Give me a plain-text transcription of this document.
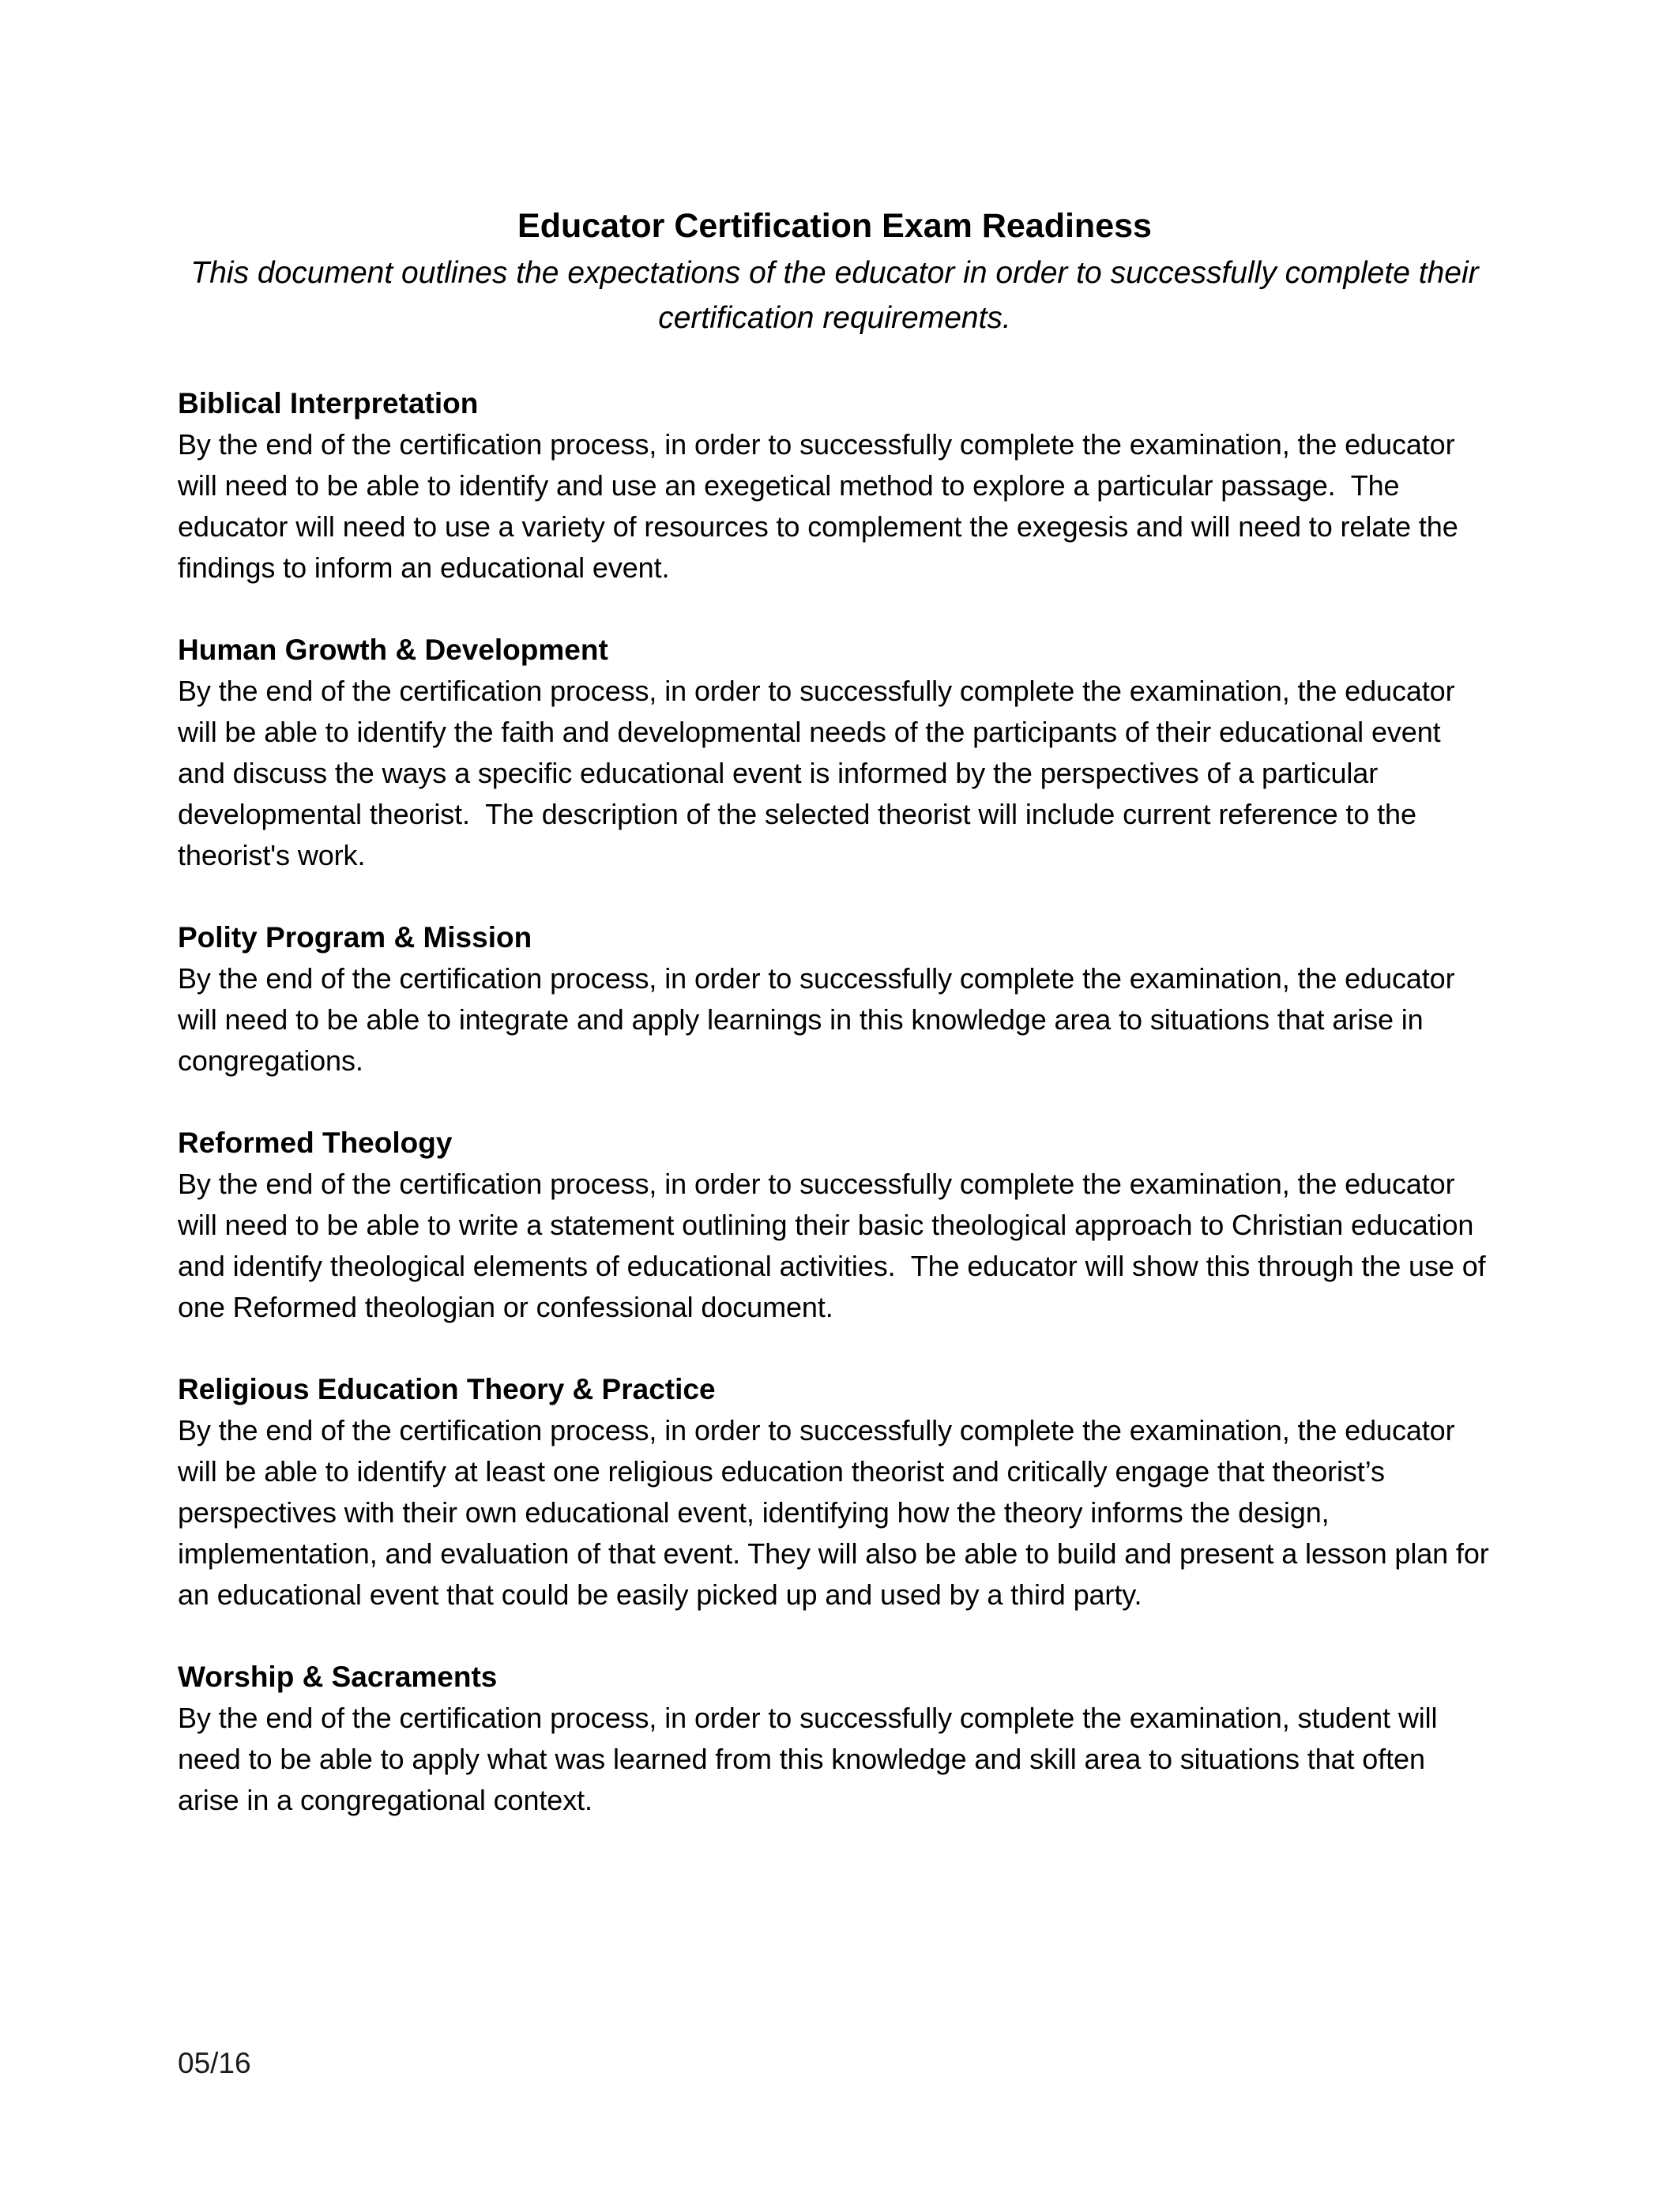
Educator Certification Exam Readiness

This document outlines the expectations of the educator in order to successfully complete their certification requirements.

Biblical Interpretation

By the end of the certification process, in order to successfully complete the examination, the educator will need to be able to identify and use an exegetical method to explore a particular passage.  The educator will need to use a variety of resources to complement the exegesis and will need to relate the findings to inform an educational event.

Human Growth & Development

By the end of the certification process, in order to successfully complete the examination, the educator will be able to identify the faith and developmental needs of the participants of their educational event and discuss the ways a specific educational event is informed by the perspectives of a particular developmental theorist.  The description of the selected theorist will include current reference to the theorist's work.

Polity Program & Mission

By the end of the certification process, in order to successfully complete the examination, the educator will need to be able to integrate and apply learnings in this knowledge area to situations that arise in congregations.

Reformed Theology

By the end of the certification process, in order to successfully complete the examination, the educator will need to be able to write a statement outlining their basic theological approach to Christian education and identify theological elements of educational activities.  The educator will show this through the use of one Reformed theologian or confessional document.

Religious Education Theory & Practice

By the end of the certification process, in order to successfully complete the examination, the educator will be able to identify at least one religious education theorist and critically engage that theorist’s perspectives with their own educational event, identifying how the theory informs the design, implementation, and evaluation of that event. They will also be able to build and present a lesson plan for an educational event that could be easily picked up and used by a third party.

Worship & Sacraments

By the end of the certification process, in order to successfully complete the examination, student will need to be able to apply what was learned from this knowledge and skill area to situations that often arise in a congregational context.

05/16
